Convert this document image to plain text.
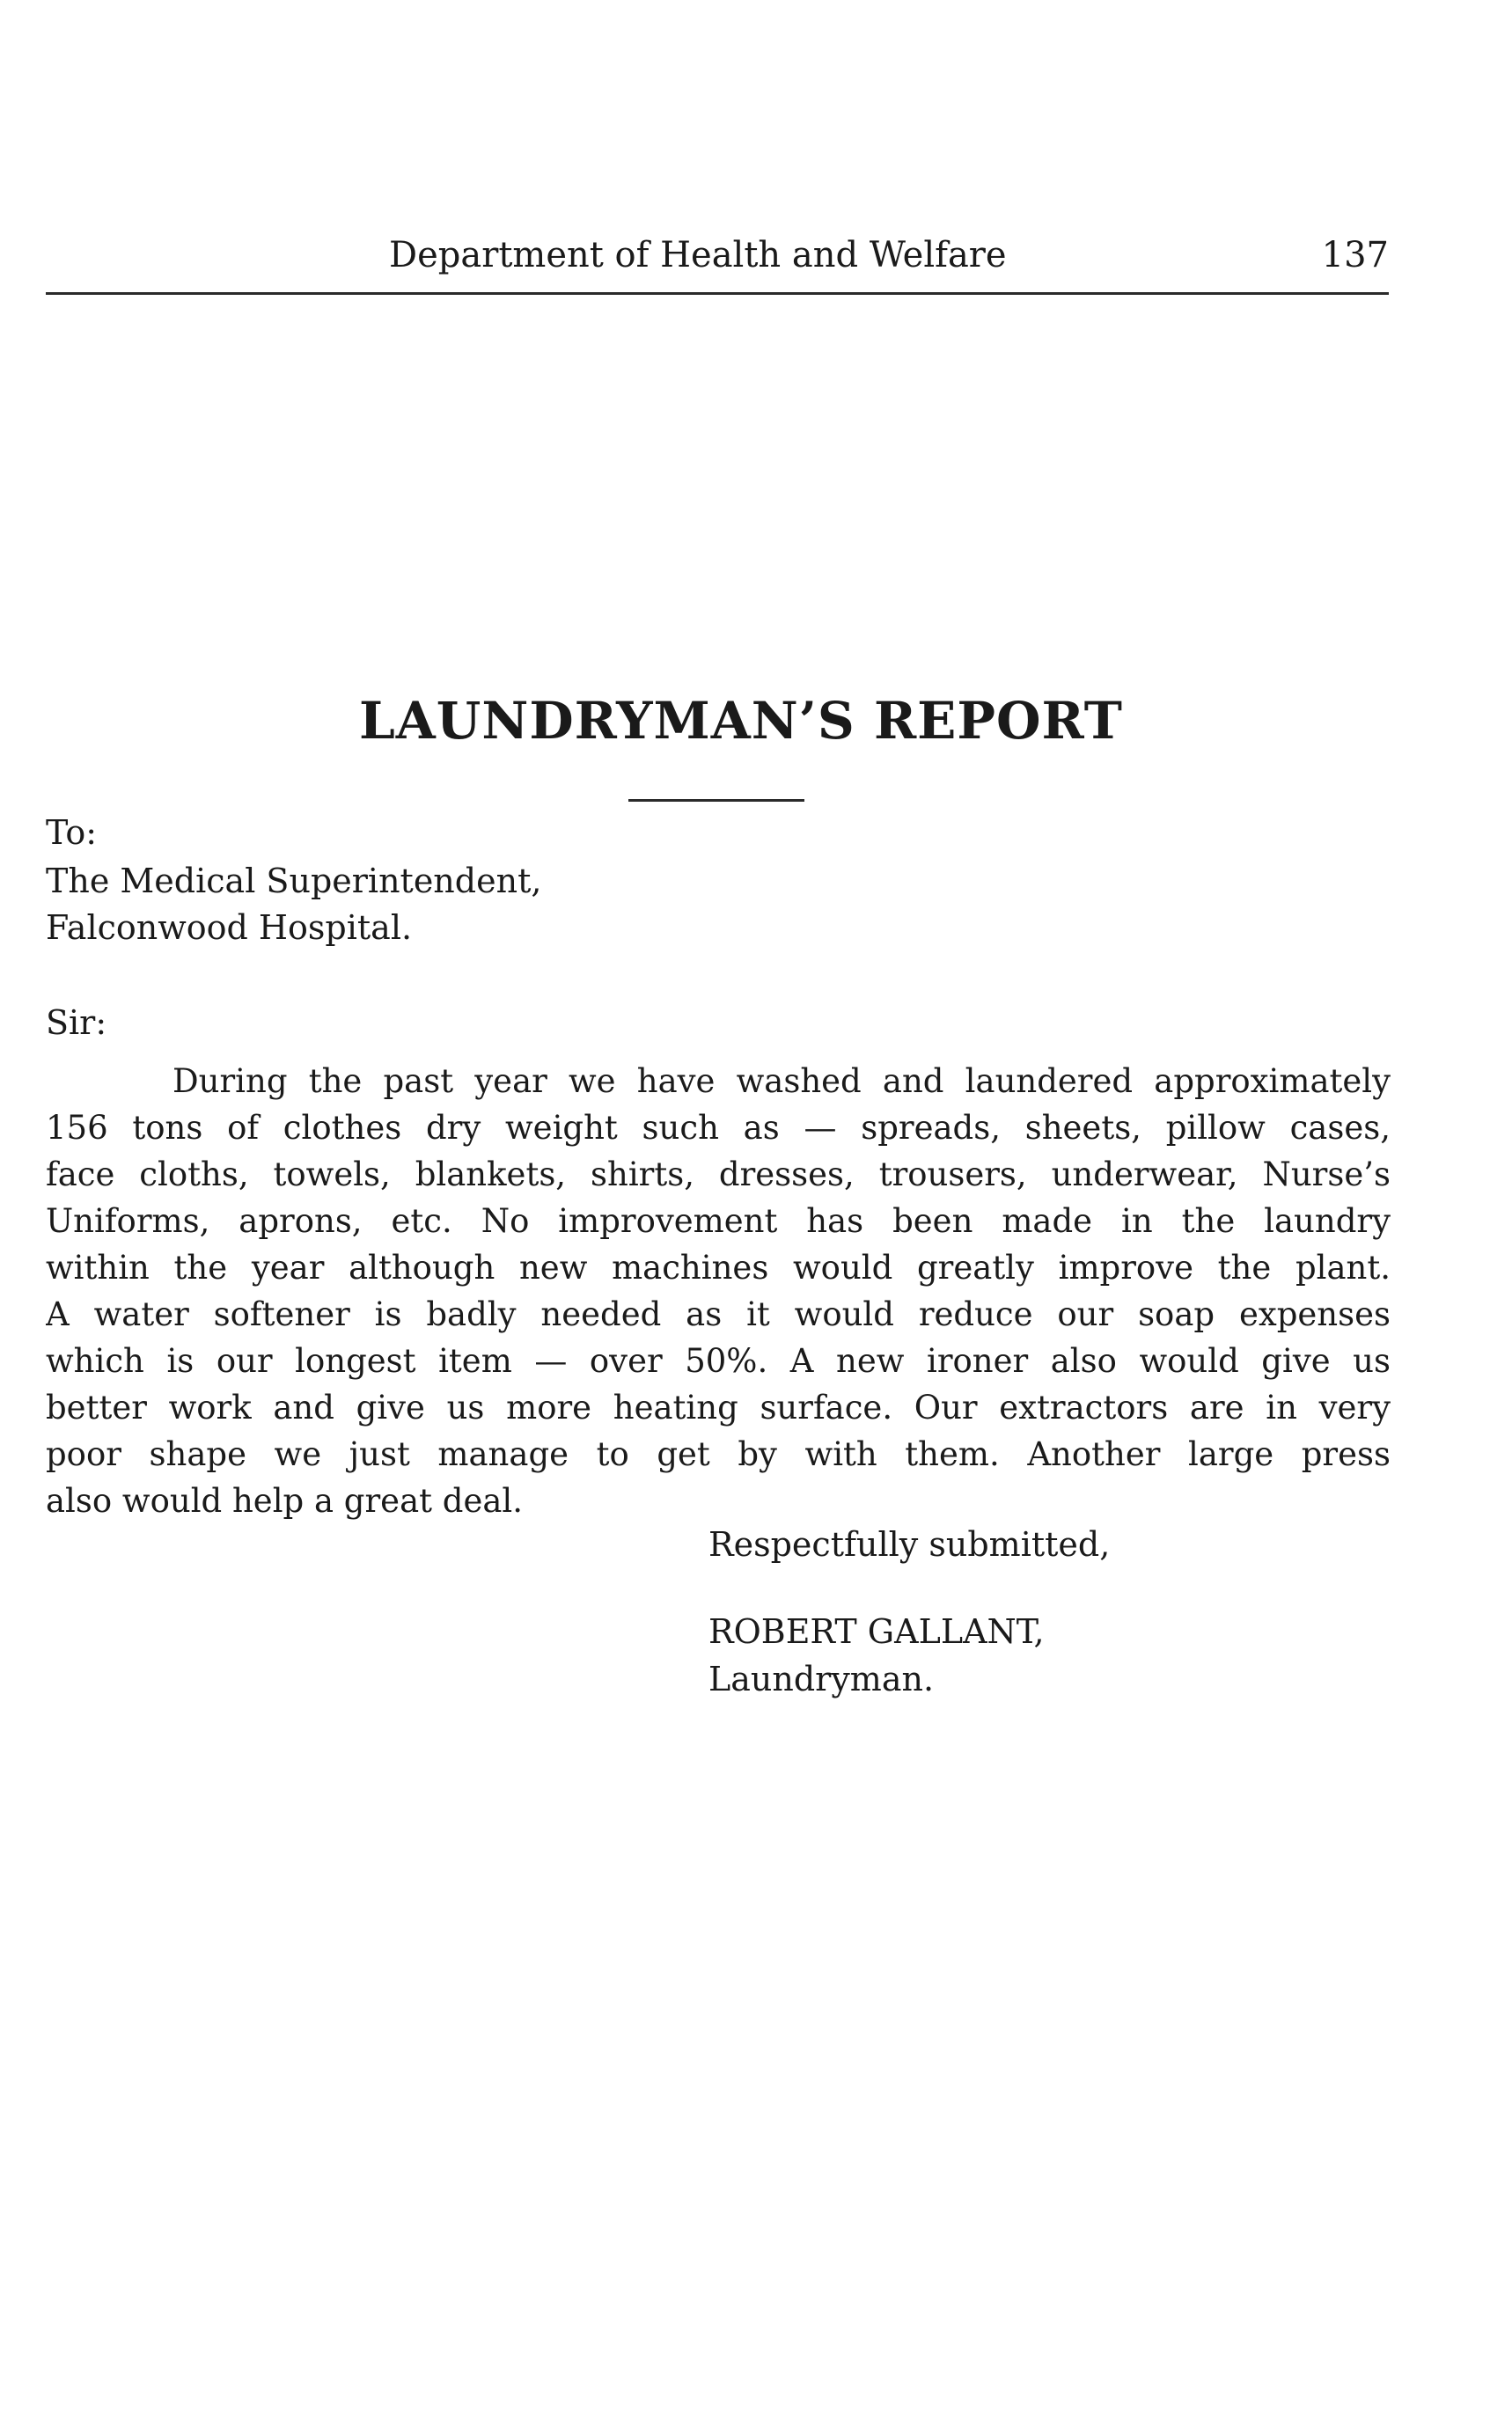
Department of Health and Welfare	137
LAUNDRYMAN’S REPORT
To:
The Medical Superintendent,
Falconwood Hospital.
Sir:
During the past year we have washed and laundered approximately
156 tons of clothes dry weight such as — spreads, sheets, pillow cases,
face cloths, towels, blankets, shirts, dresses, trousers, underwear, Nurse’s
Uniforms, aprons, etc. No improvement has been made in the laundry
within the year although new machines would greatly improve the plant.
A water softener is badly needed as it would reduce our soap expenses
which is our longest item — over 50%. A new ironer also would give us
better work and give us more heating surface. Our extractors are in very
poor shape we just manage to get by with them. Another large press
also would help a great deal.
Respectfully submitted,
ROBERT GALLANT,
Laundryman.
